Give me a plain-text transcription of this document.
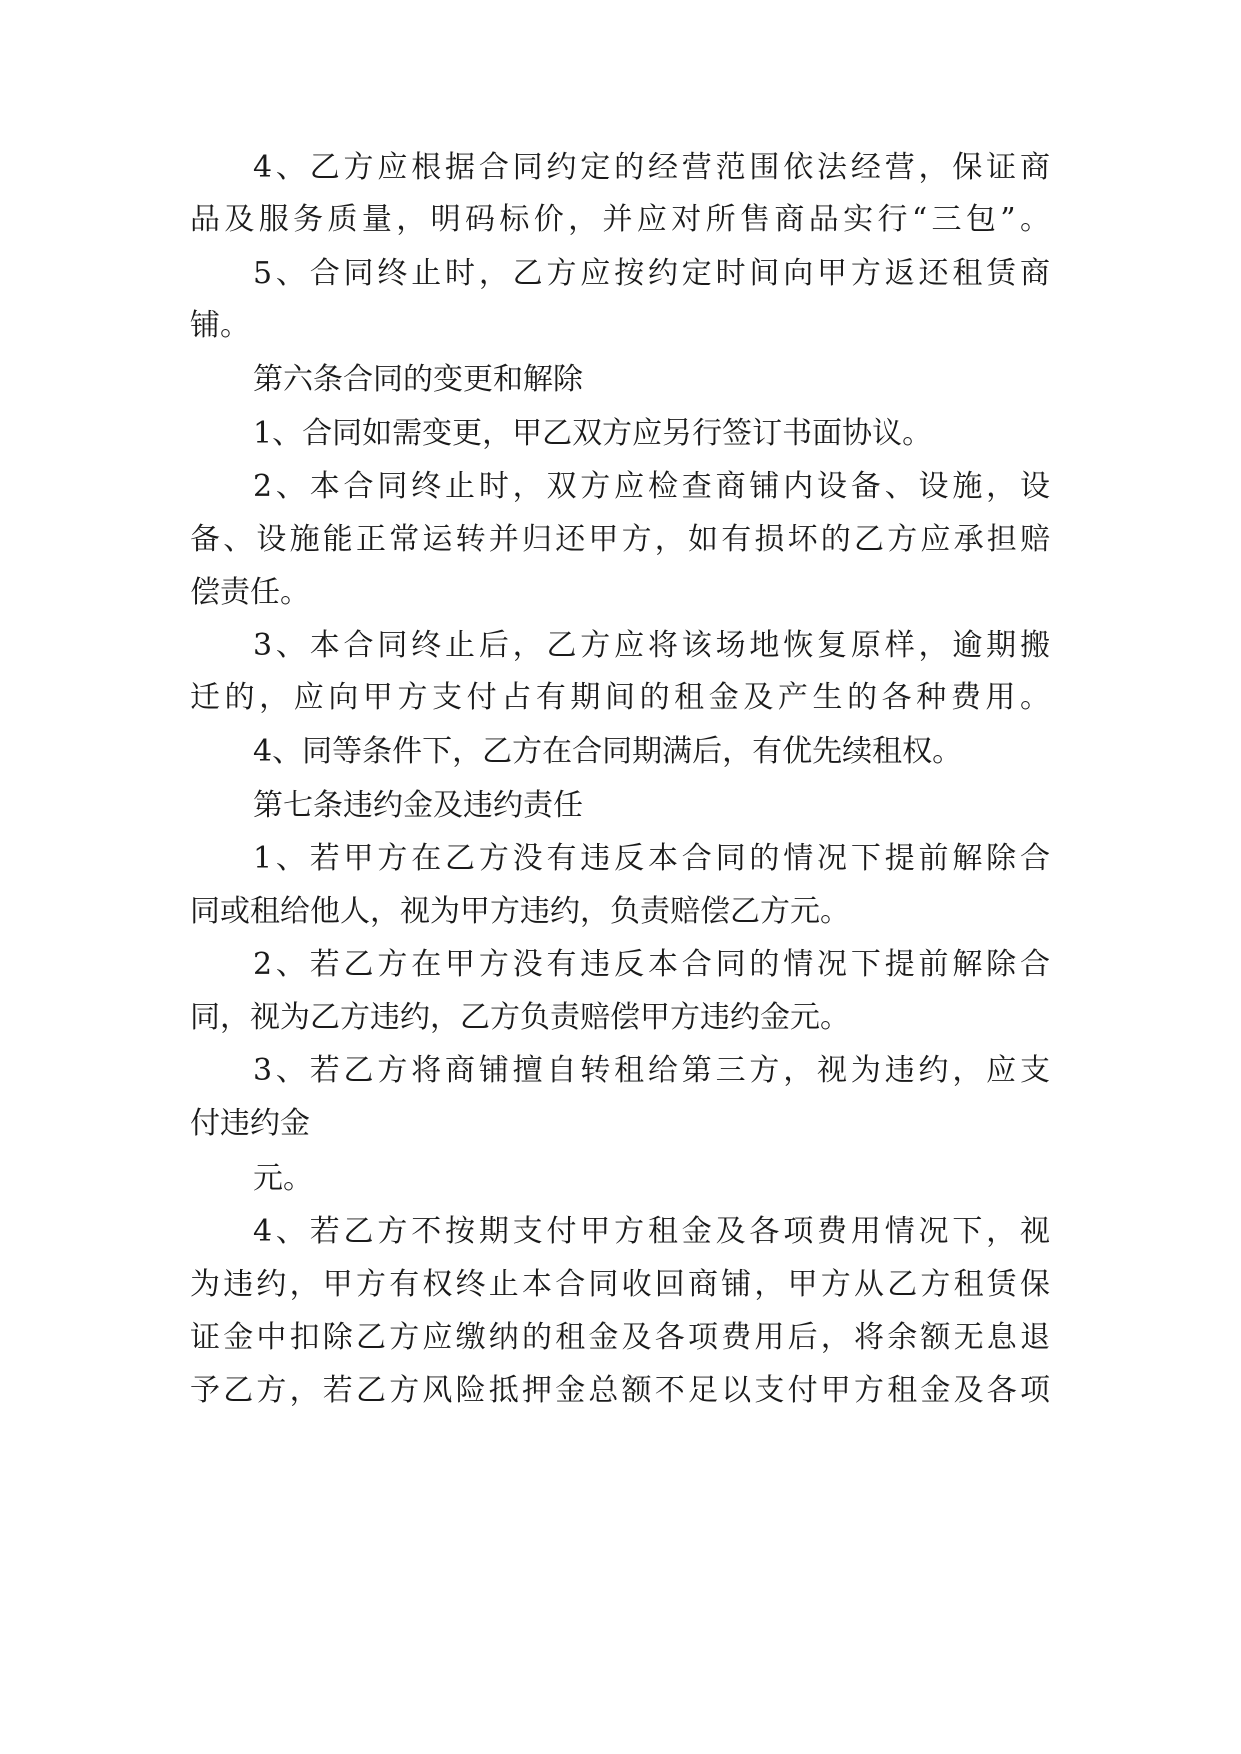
4、乙方应根据合同约定的经营范围依法经营，保证商
品及服务质量，明码标价，并应对所售商品实行“三包”。
5、合同终止时，乙方应按约定时间向甲方返还租赁商
铺。
第六条合同的变更和解除
1、合同如需变更，甲乙双方应另行签订书面协议。
2、本合同终止时，双方应检查商铺内设备、设施，设
备、设施能正常运转并归还甲方，如有损坏的乙方应承担赔
偿责任。
3、本合同终止后，乙方应将该场地恢复原样，逾期搬
迁的，应向甲方支付占有期间的租金及产生的各种费用。
4、同等条件下，乙方在合同期满后，有优先续租权。
第七条违约金及违约责任
1、若甲方在乙方没有违反本合同的情况下提前解除合
同或租给他人，视为甲方违约，负责赔偿乙方元。
2、若乙方在甲方没有违反本合同的情况下提前解除合
同，视为乙方违约，乙方负责赔偿甲方违约金元。
3、若乙方将商铺擅自转租给第三方，视为违约，应支
付违约金
元。
4、若乙方不按期支付甲方租金及各项费用情况下，视
为违约，甲方有权终止本合同收回商铺，甲方从乙方租赁保
证金中扣除乙方应缴纳的租金及各项费用后，将余额无息退
予乙方，若乙方风险抵押金总额不足以支付甲方租金及各项
